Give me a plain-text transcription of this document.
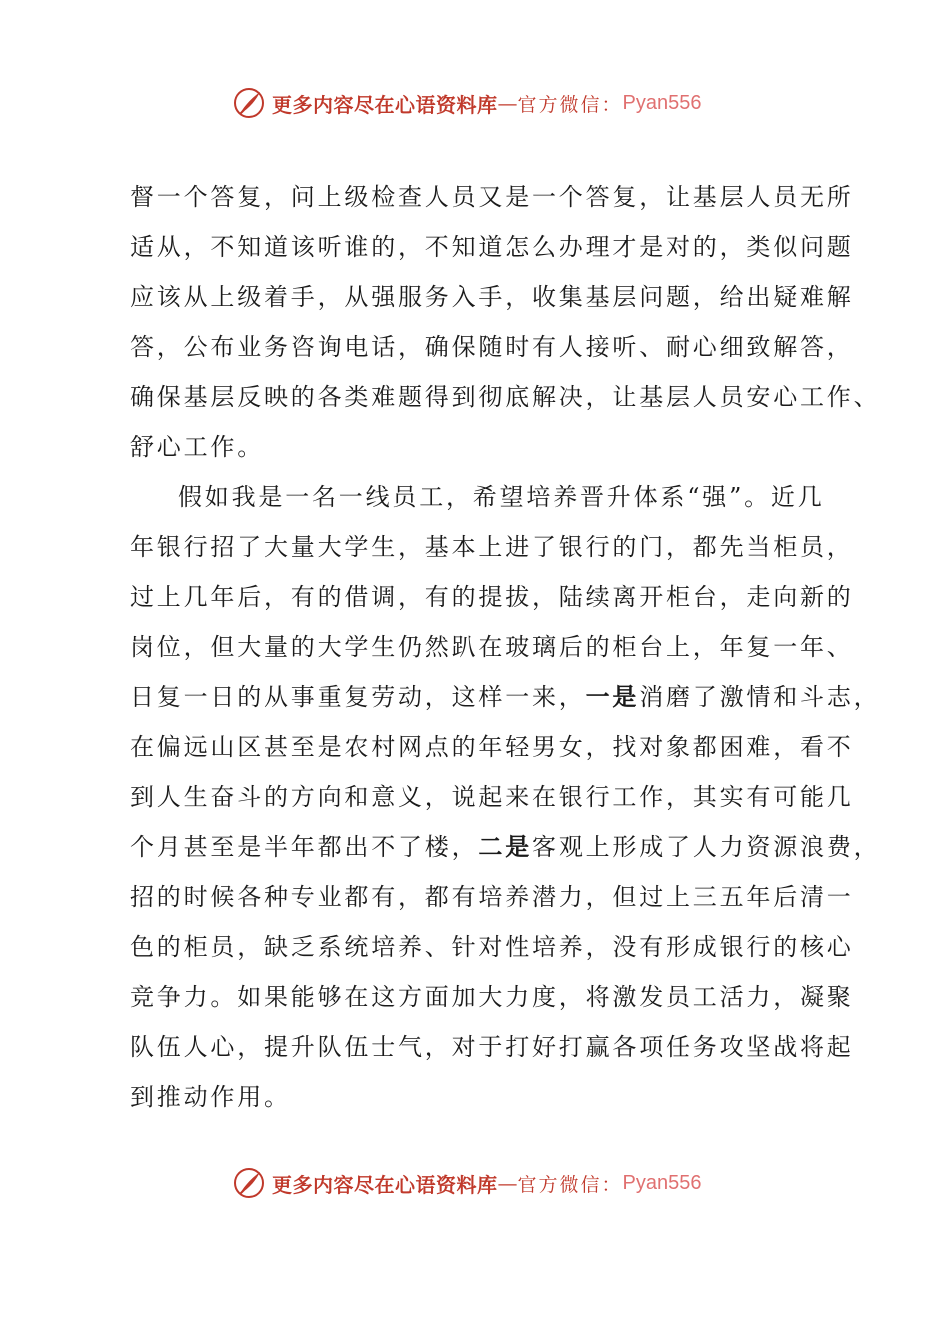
更多内容尽在心语资料库 — 官方微信： Pyan556
督一个答复，问上级检查人员又是一个答复，让基层人员无所
适从，不知道该听谁的，不知道怎么办理才是对的，类似问题
应该从上级着手，从强服务入手，收集基层问题，给出疑难解
答，公布业务咨询电话，确保随时有人接听、耐心细致解答，
确保基层反映的各类难题得到彻底解决，让基层人员安心工作、
舒心工作。
假如我是一名一线员工，希望培养晋升体系“强”。近几
年银行招了大量大学生，基本上进了银行的门，都先当柜员，
过上几年后，有的借调，有的提拔，陆续离开柜台，走向新的
岗位，但大量的大学生仍然趴在玻璃后的柜台上，年复一年、
日复一日的从事重复劳动，这样一来， 一是 消磨了激情和斗志，
在偏远山区甚至是农村网点的年轻男女，找对象都困难，看不
到人生奋斗的方向和意义，说起来在银行工作，其实有可能几
个月甚至是半年都出不了楼， 二是 客观上形成了人力资源浪费，
招的时候各种专业都有，都有培养潜力，但过上三五年后清一
色的柜员，缺乏系统培养、针对性培养，没有形成银行的核心
竞争力。如果能够在这方面加大力度，将激发员工活力，凝聚
队伍人心，提升队伍士气，对于打好打赢各项任务攻坚战将起
到推动作用。
更多内容尽在心语资料库 — 官方微信： Pyan556
